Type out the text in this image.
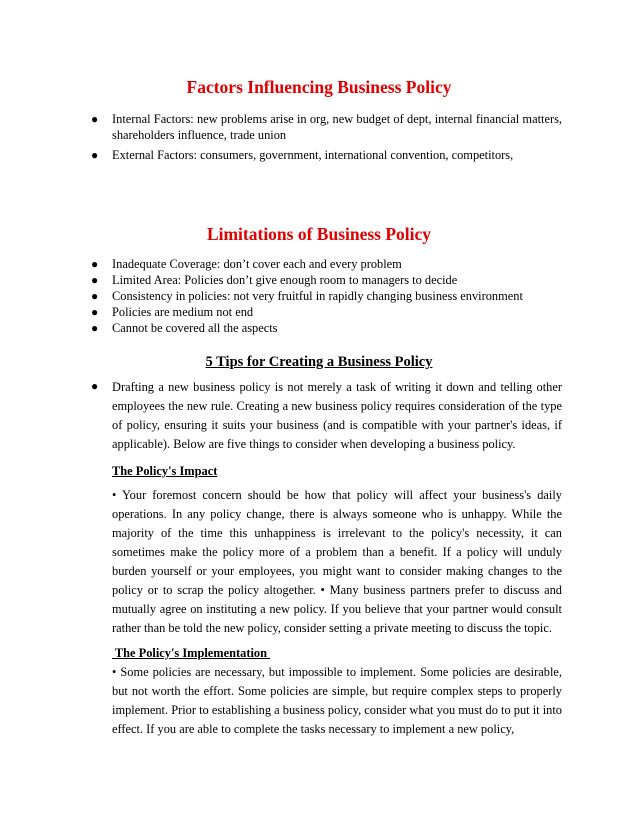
Factors Influencing Business Policy
● Internal Factors: new problems arise in org, new budget of dept, internal financial matters, shareholders influence, trade union
● External Factors: consumers, government, international convention, competitors,
Limitations of Business Policy
● Inadequate Coverage: don’t cover each and every problem
● Limited Area: Policies don’t give enough room to managers to decide
● Consistency in policies: not very fruitful in rapidly changing business environment
● Policies are medium not end
● Cannot be covered all the aspects
5 Tips for Creating a Business Policy
● Drafting a new business policy is not merely a task of writing it down and telling other employees the new rule. Creating a new business policy requires consideration of the type of policy, ensuring it suits your business (and is compatible with your partner's ideas, if applicable). Below are five things to consider when developing a business policy.

The Policy's Impact

• Your foremost concern should be how that policy will affect your business's daily operations. In any policy change, there is always someone who is unhappy. While the majority of the time this unhappiness is irrelevant to the policy's necessity, it can sometimes make the policy more of a problem than a benefit. If a policy will unduly burden yourself or your employees, you might want to consider making changes to the policy or to scrap the policy altogether. • Many business partners prefer to discuss and mutually agree on instituting a new policy. If you believe that your partner would consult rather than be told the new policy, consider setting a private meeting to discuss the topic.

The Policy's Implementation

• Some policies are necessary, but impossible to implement. Some policies are desirable, but not worth the effort. Some policies are simple, but require complex steps to properly implement. Prior to establishing a business policy, consider what you must do to put it into effect. If you are able to complete the tasks necessary to implement a new policy,
